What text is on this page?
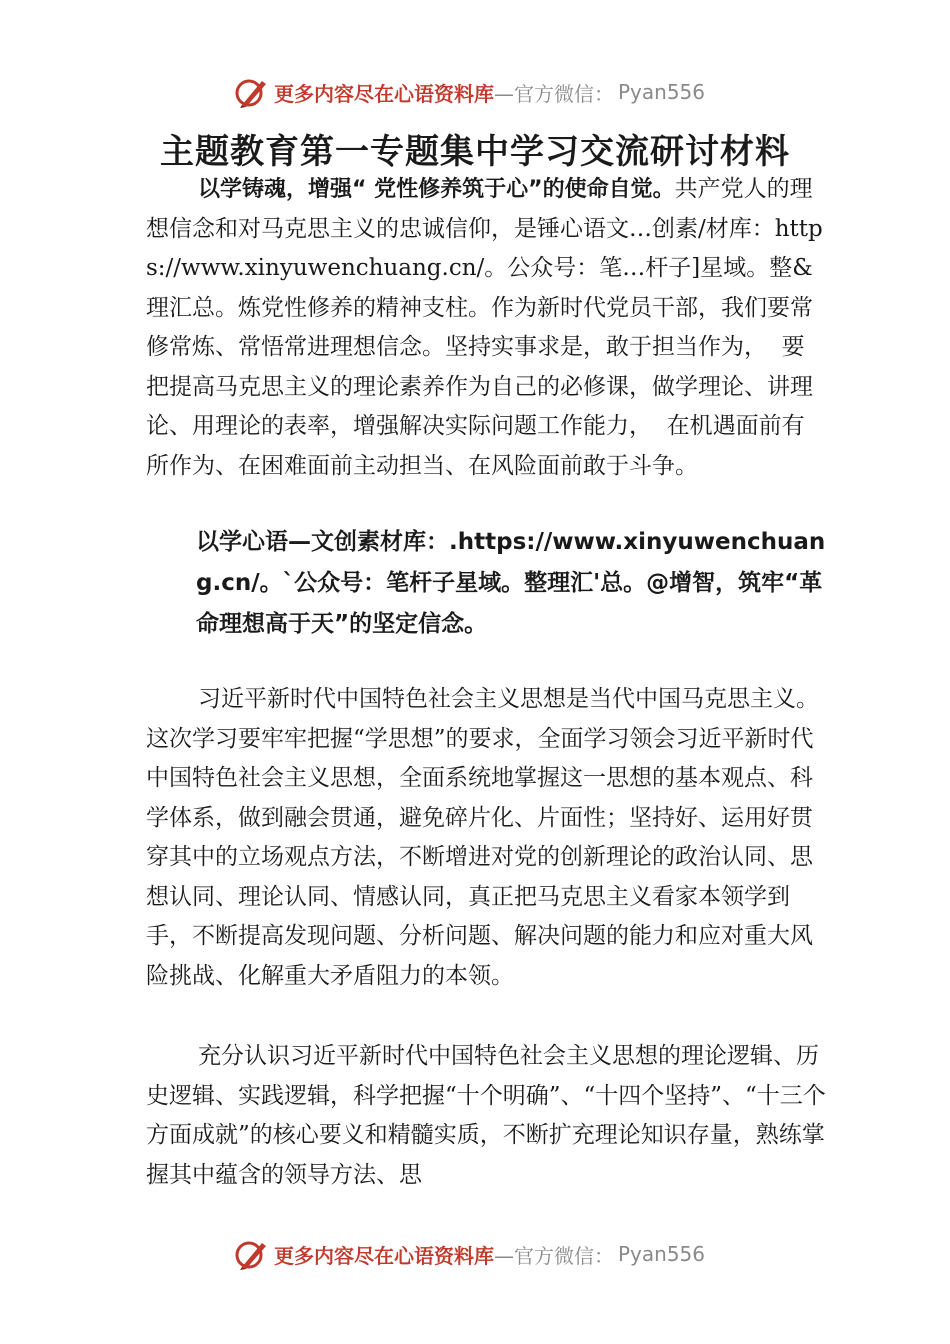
更多内容尽在心语资料库 —官方微信： Pyan556
主题教育第一专题集中学习交流研讨材料

以学铸魂，增强“ 党性修养筑于心”的使命自觉。共产党人的理想信念和对马克思主义的忠诚信仰，是锤心语文…创素/材库：https://www.xinyuwenchuang.cn/。公众号：笔…杆子]星域。整&理汇总。炼党性修养的精神支柱。作为新时代党员干部，我们要常修常炼、常悟常进理想信念。坚持实事求是，敢于担当作为，  要把提高马克思主义的理论素养作为自己的必修课，做学理论、讲理论、用理论的表率，增强解决实际问题工作能力，  在机遇面前有所作为、在困难面前主动担当、在风险面前敢于斗争。

以学心语—文创素材库：.https://www.xinyuwenchuang.cn/。`公众号：笔杆子星域。整理汇'总。@增智，筑牢“革命理想高于天”的坚定信念。

习近平新时代中国特色社会主义思想是当代中国马克思主义。这次学习要牢牢把握“学思想”的要求，全面学习领会习近平新时代中国特色社会主义思想，全面系统地掌握这一思想的基本观点、科学体系，做到融会贯通，避免碎片化、片面性；坚持好、运用好贯穿其中的立场观点方法，不断增进对党的创新理论的政治认同、思想认同、理论认同、情感认同，真正把马克思主义看家本领学到手，不断提高发现问题、分析问题、解决问题的能力和应对重大风险挑战、化解重大矛盾阻力的本领。

充分认识习近平新时代中国特色社会主义思想的理论逻辑、历史逻辑、实践逻辑，科学把握“十个明确”、“十四个坚持”、“十三个方面成就”的核心要义和精髓实质，不断扩充理论知识存量，熟练掌握其中蕴含的领导方法、思

更多内容尽在心语资料库 —官方微信： Pyan556
